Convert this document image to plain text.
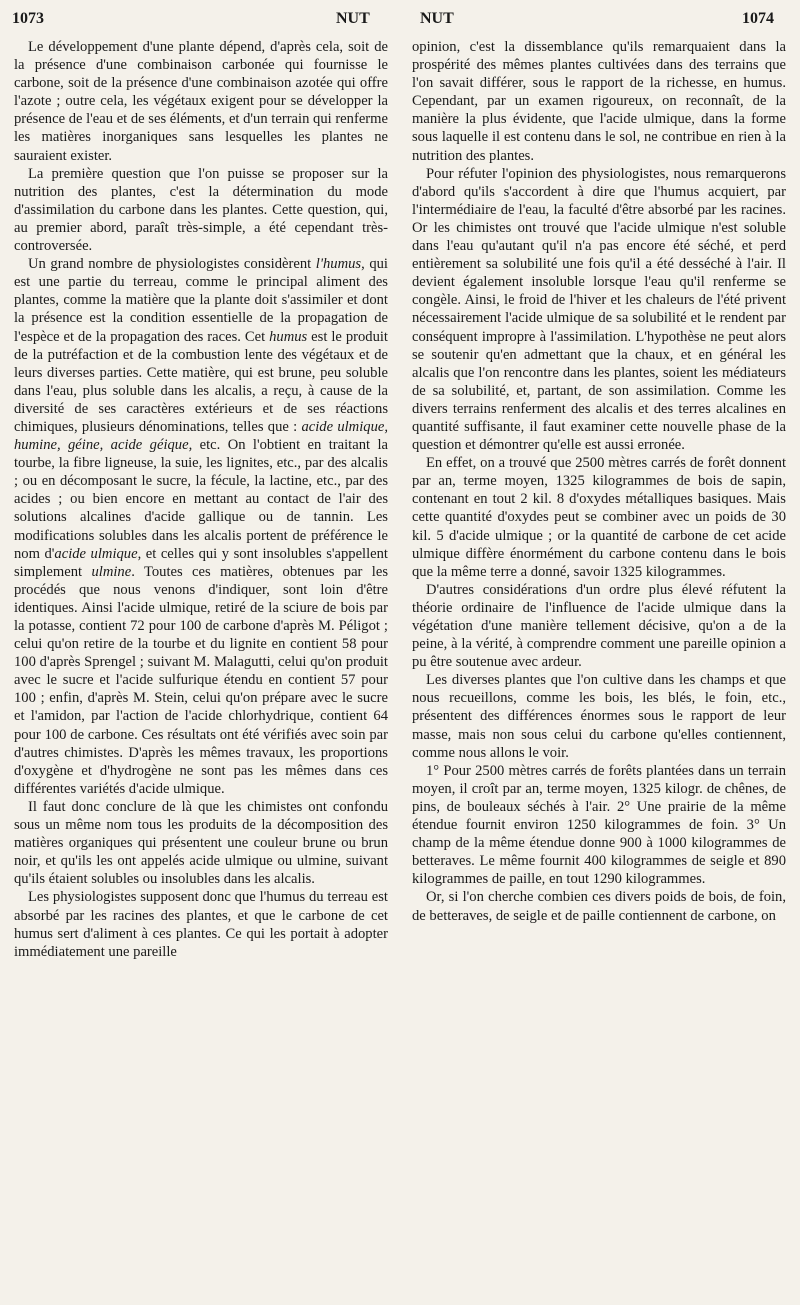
1073	NUT	NUT	1074

Le développement d'une plante dépend, d'après cela, soit de la présence d'une combinaison carbonée qui fournisse le carbone, soit de la présence d'une combinaison azotée qui offre l'azote ; outre cela, les végétaux exigent pour se développer la présence de l'eau et de ses éléments, et d'un terrain qui renferme les matières inorganiques sans lesquelles les plantes ne sauraient exister.

La première question que l'on puisse se proposer sur la nutrition des plantes, c'est la détermination du mode d'assimilation du carbone dans les plantes. Cette question, qui, au premier abord, paraît très-simple, a été cependant très-controversée.

Un grand nombre de physiologistes considèrent l'humus, qui est une partie du terreau, comme le principal aliment des plantes, comme la matière que la plante doit s'assimiler et dont la présence est la condition essentielle de la propagation de l'espèce et de la propagation des races. Cet humus est le produit de la putréfaction et de la combustion lente des végétaux et de leurs diverses parties. Cette matière, qui est brune, peu soluble dans l'eau, plus soluble dans les alcalis, a reçu, à cause de la diversité de ses caractères extérieurs et de ses réactions chimiques, plusieurs dénominations, telles que : acide ulmique, humine, géine, acide géique, etc. On l'obtient en traitant la tourbe, la fibre ligneuse, la suie, les lignites, etc., par des alcalis ; ou en décomposant le sucre, la fécule, la lactine, etc., par des acides ; ou bien encore en mettant au contact de l'air des solutions alcalines d'acide gallique ou de tannin. Les modifications solubles dans les alcalis portent de préférence le nom d'acide ulmique, et celles qui y sont insolubles s'appellent simplement ulmine. Toutes ces matières, obtenues par les procédés que nous venons d'indiquer, sont loin d'être identiques. Ainsi l'acide ulmique, retiré de la sciure de bois par la potasse, contient 72 pour 100 de carbone d'après M. Péligot ; celui qu'on retire de la tourbe et du lignite en contient 58 pour 100 d'après Sprengel ; suivant M. Malagutti, celui qu'on produit avec le sucre et l'acide sulfurique étendu en contient 57 pour 100 ; enfin, d'après M. Stein, celui qu'on prépare avec le sucre et l'amidon, par l'action de l'acide chlorhydrique, contient 64 pour 100 de carbone. Ces résultats ont été vérifiés avec soin par d'autres chimistes. D'après les mêmes travaux, les proportions d'oxygène et d'hydrogène ne sont pas les mêmes dans ces différentes variétés d'acide ulmique.

Il faut donc conclure de là que les chimistes ont confondu sous un même nom tous les produits de la décomposition des matières organiques qui présentent une couleur brune ou brun noir, et qu'ils les ont appelés acide ulmique ou ulmine, suivant qu'ils étaient solubles ou insolubles dans les alcalis.

Les physiologistes supposent donc que l'humus du terreau est absorbé par les racines des plantes, et que le carbone de cet humus sert d'aliment à ces plantes. Ce qui les portait à adopter immédiatement une pareille

opinion, c'est la dissemblance qu'ils remarquaient dans la prospérité des mêmes plantes cultivées dans des terrains que l'on savait différer, sous le rapport de la richesse, en humus. Cependant, par un examen rigoureux, on reconnaît, de la manière la plus évidente, que l'acide ulmique, dans la forme sous laquelle il est contenu dans le sol, ne contribue en rien à la nutrition des plantes.

Pour réfuter l'opinion des physiologistes, nous remarquerons d'abord qu'ils s'accordent à dire que l'humus acquiert, par l'intermédiaire de l'eau, la faculté d'être absorbé par les racines. Or les chimistes ont trouvé que l'acide ulmique n'est soluble dans l'eau qu'autant qu'il n'a pas encore été séché, et perd entièrement sa solubilité une fois qu'il a été desséché à l'air. Il devient également insoluble lorsque l'eau qu'il renferme se congèle. Ainsi, le froid de l'hiver et les chaleurs de l'été privent nécessairement l'acide ulmique de sa solubilité et le rendent par conséquent impropre à l'assimilation. L'hypothèse ne peut alors se soutenir qu'en admettant que la chaux, et en général les alcalis que l'on rencontre dans les plantes, soient les médiateurs de sa solubilité, et, partant, de son assimilation. Comme les divers terrains renferment des alcalis et des terres alcalines en quantité suffisante, il faut examiner cette nouvelle phase de la question et démontrer qu'elle est aussi erronée.

En effet, on a trouvé que 2500 mètres carrés de forêt donnent par an, terme moyen, 1325 kilogrammes de bois de sapin, contenant en tout 2 kil. 8 d'oxydes métalliques basiques. Mais cette quantité d'oxydes peut se combiner avec un poids de 30 kil. 5 d'acide ulmique ; or la quantité de carbone de cet acide ulmique diffère énormément du carbone contenu dans le bois que la même terre a donné, savoir 1325 kilogrammes.

D'autres considérations d'un ordre plus élevé réfutent la théorie ordinaire de l'influence de l'acide ulmique dans la végétation d'une manière tellement décisive, qu'on a de la peine, à la vérité, à comprendre comment une pareille opinion a pu être soutenue avec ardeur.

Les diverses plantes que l'on cultive dans les champs et que nous recueillons, comme les bois, les blés, le foin, etc., présentent des différences énormes sous le rapport de leur masse, mais non sous celui du carbone qu'elles contiennent, comme nous allons le voir.

1° Pour 2500 mètres carrés de forêts plantées dans un terrain moyen, il croît par an, terme moyen, 1325 kilogr. de chênes, de pins, de bouleaux séchés à l'air. 2° Une prairie de la même étendue fournit environ 1250 kilogrammes de foin. 3° Un champ de la même étendue donne 900 à 1000 kilogrammes de betteraves. Le même fournit 400 kilogrammes de seigle et 890 kilogrammes de paille, en tout 1290 kilogrammes.

Or, si l'on cherche combien ces divers poids de bois, de foin, de betteraves, de seigle et de paille contiennent de carbone, on
